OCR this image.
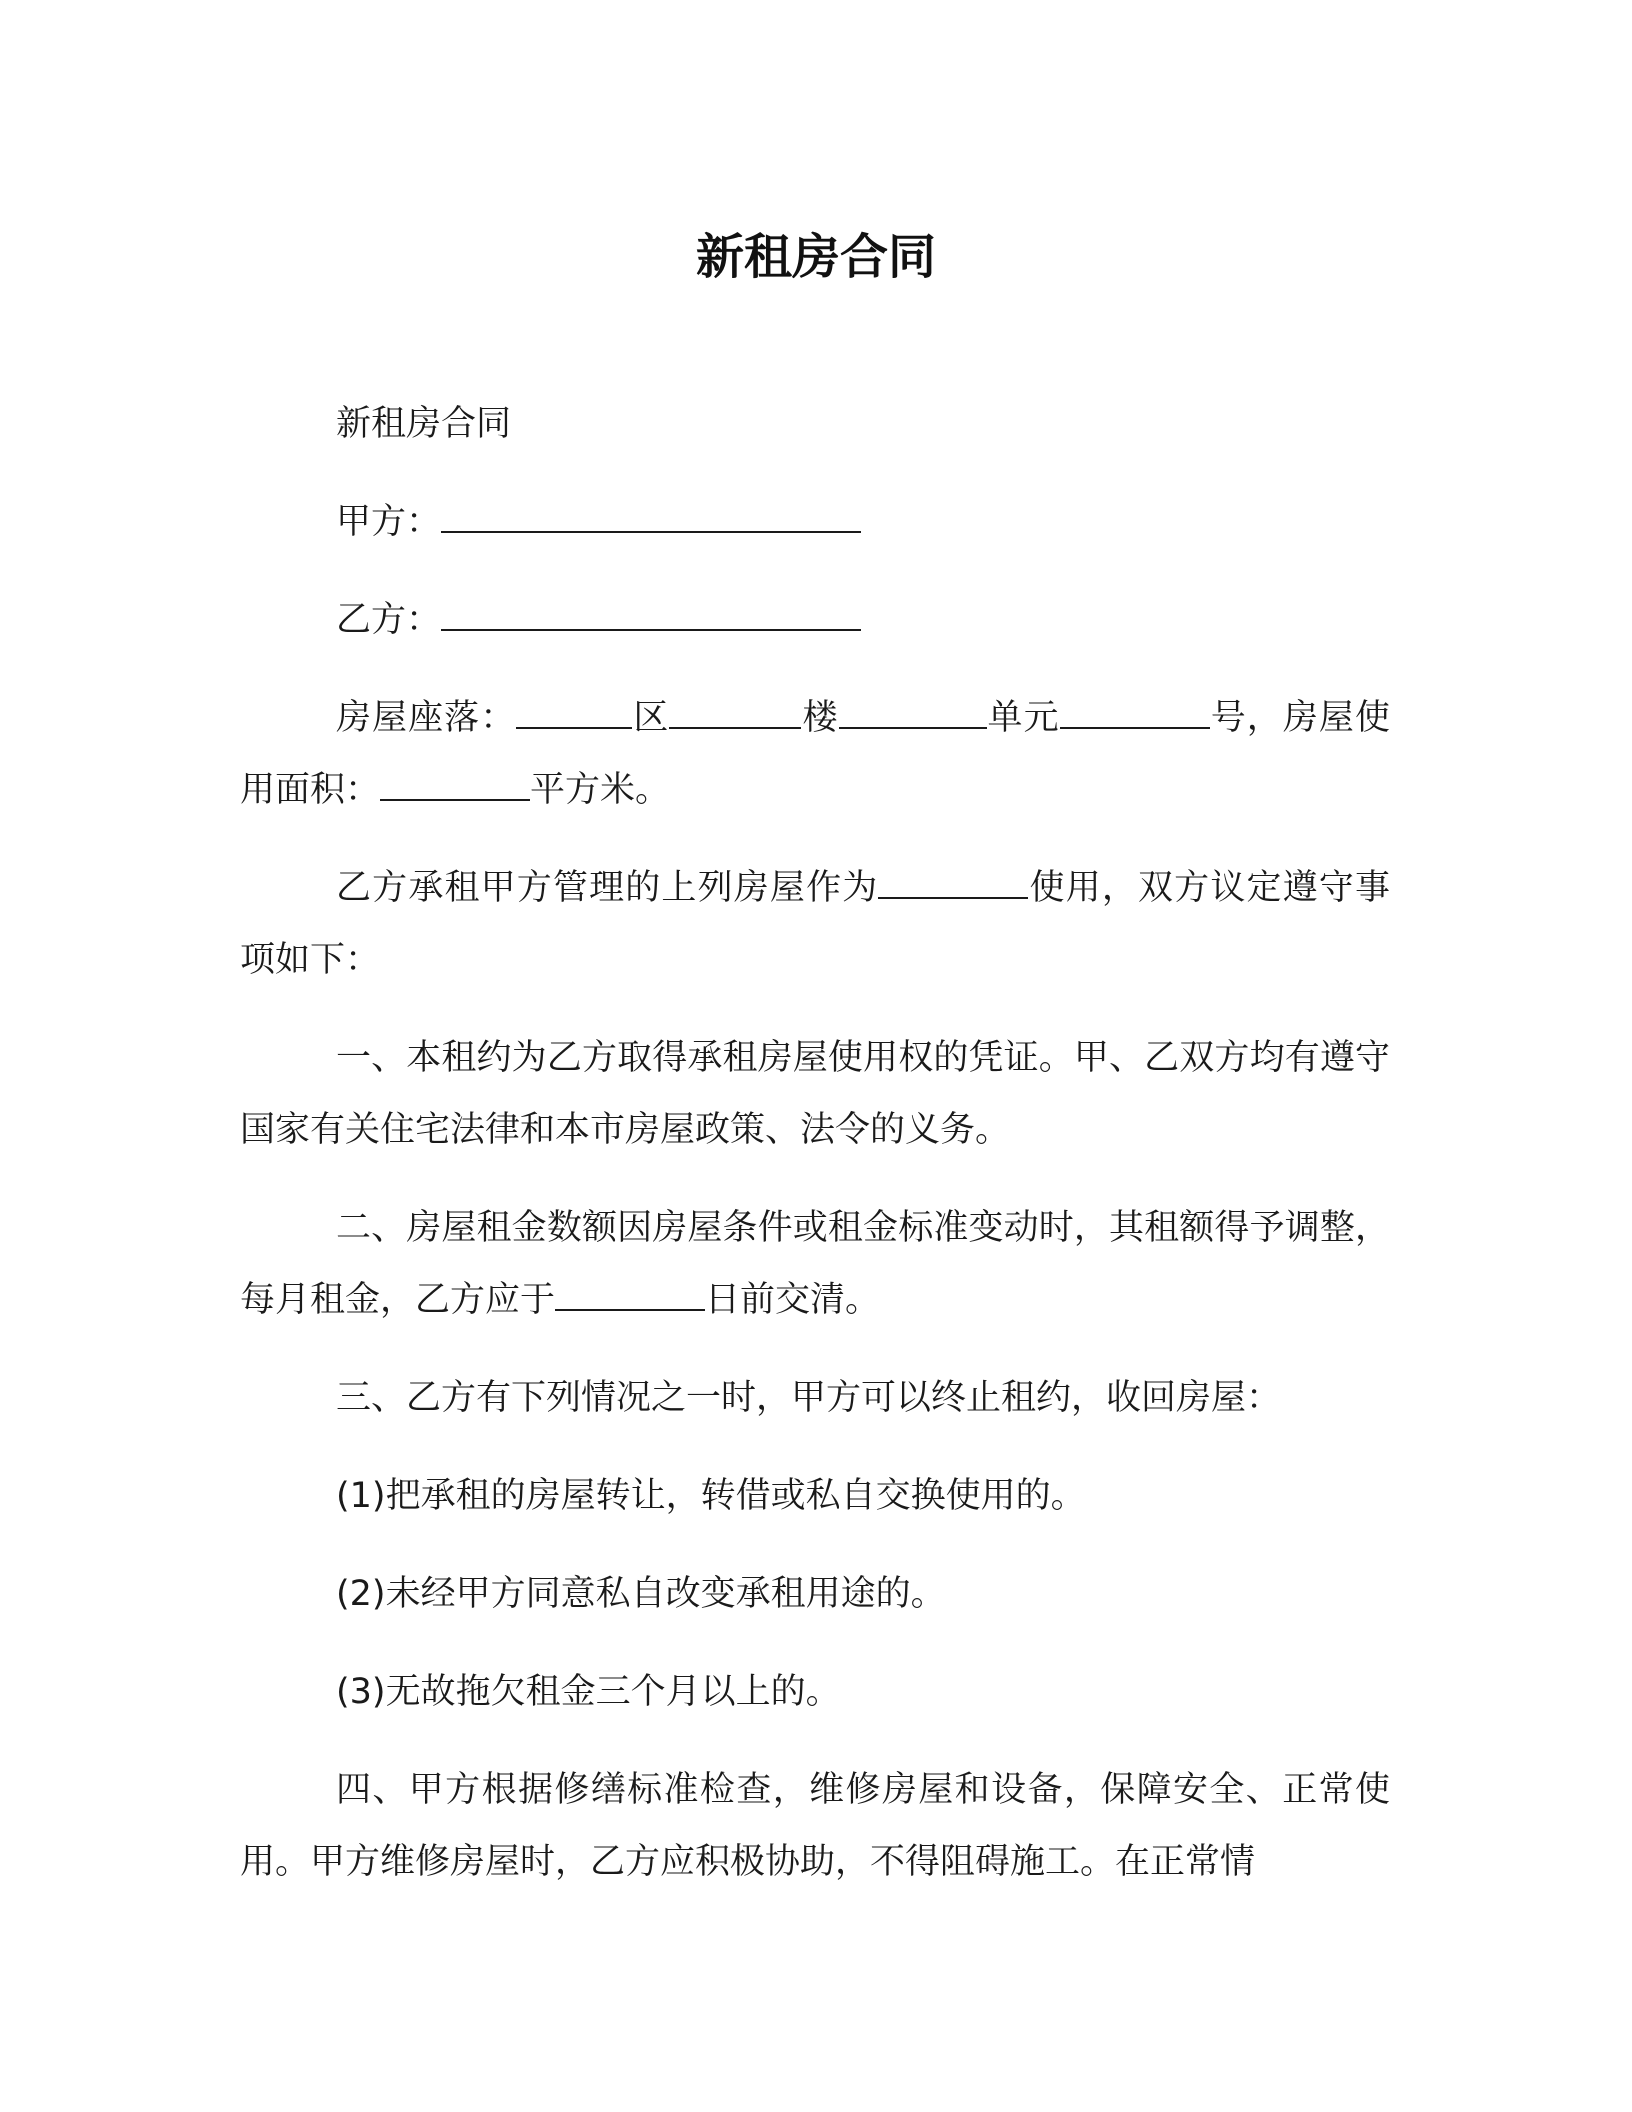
新租房合同

新租房合同

甲方：

乙方：

房屋座落：	区	楼	单元	号，房屋使用面积：	平方米。

乙方承租甲方管理的上列房屋作为	使用，双方议定遵守事项如下：

一、本租约为乙方取得承租房屋使用权的凭证。甲、乙双方均有遵守国家有关住宅法律和本市房屋政策、法令的义务。

二、房屋租金数额因房屋条件或租金标准变动时，其租额得予调整，每月租金，乙方应于	日前交清。

三、乙方有下列情况之一时，甲方可以终止租约，收回房屋：

(1)把承租的房屋转让，转借或私自交换使用的。

(2)未经甲方同意私自改变承租用途的。

(3)无故拖欠租金三个月以上的。

四、甲方根据修缮标准检查，维修房屋和设备，保障安全、正常使用。甲方维修房屋时，乙方应积极协助，不得阻碍施工。在正常情
